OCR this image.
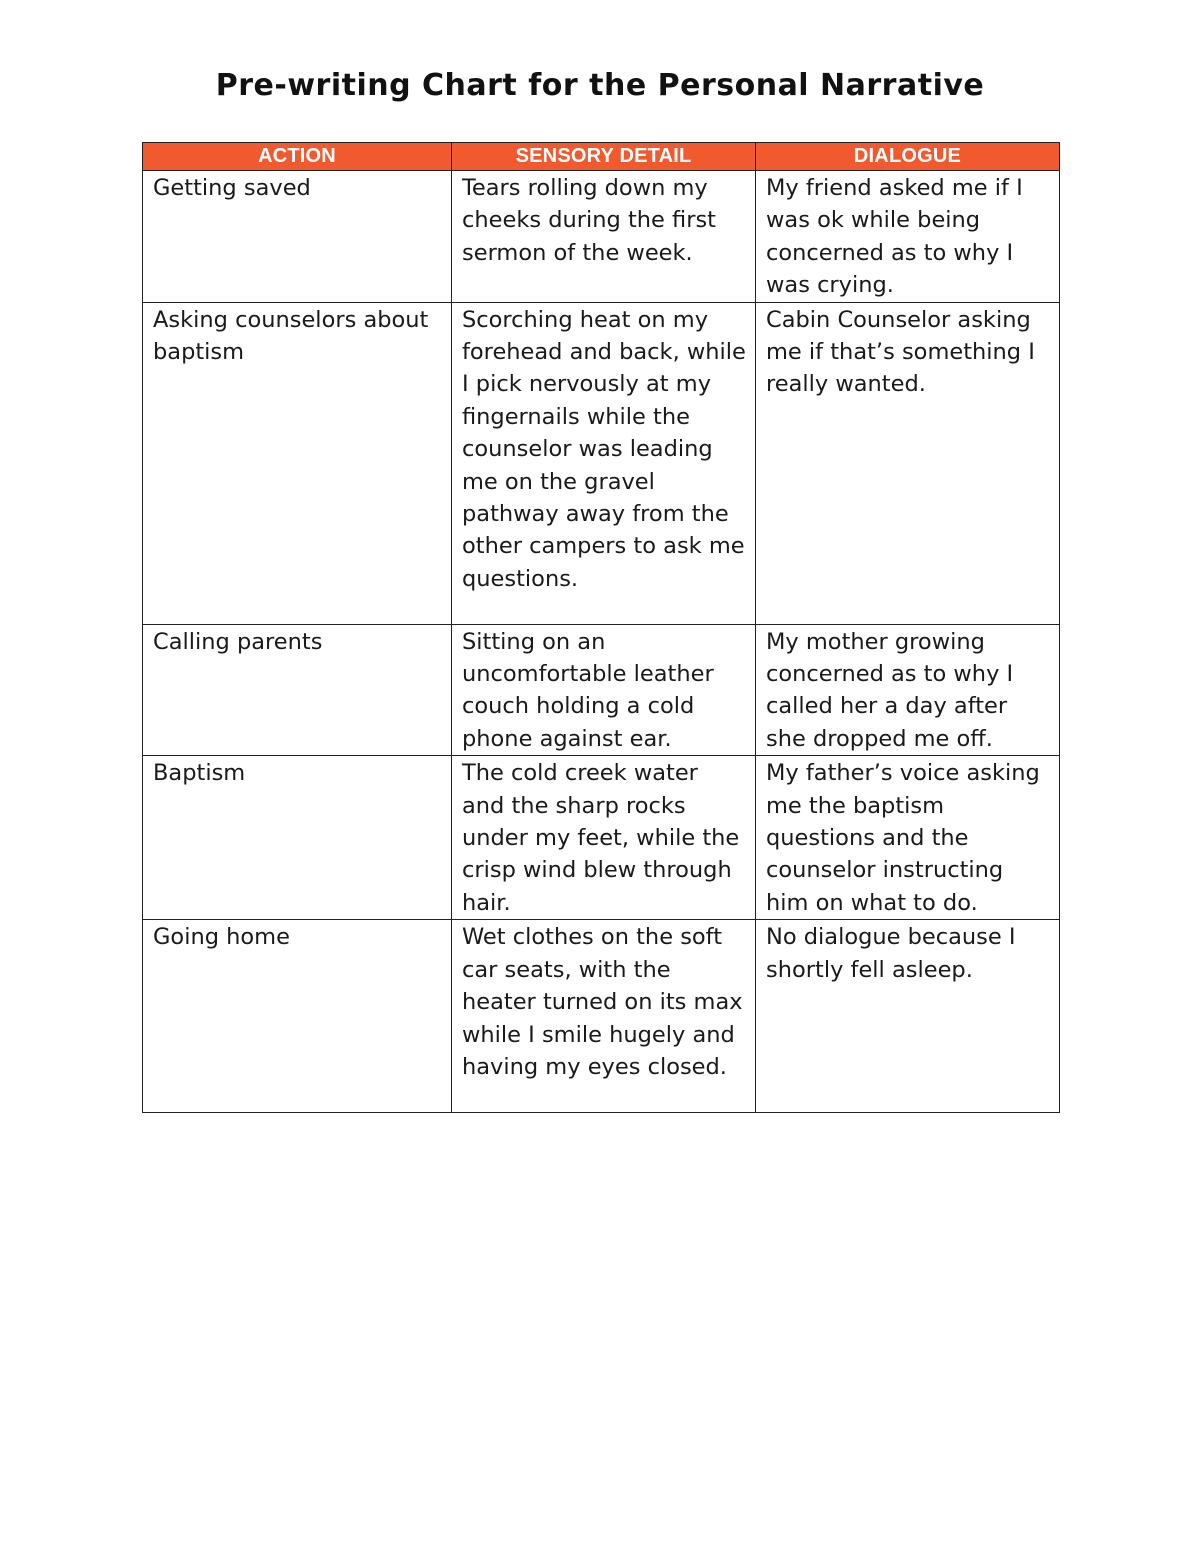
Pre-writing Chart for the Personal Narrative
ACTION	SENSORY DETAIL	DIALOGUE

Getting saved	Tears rolling down my cheeks during the first sermon of the week.	My friend asked me if I was ok while being concerned as to why I was crying.

Asking counselors about baptism	Scorching heat on my forehead and back, while I pick nervously at my fingernails while the counselor was leading me on the gravel pathway away from the other campers to ask me questions.	Cabin Counselor asking me if that’s something I really wanted.

Calling parents	Sitting on an uncomfortable leather couch holding a cold phone against ear.	My mother growing concerned as to why I called her a day after she dropped me off.

Baptism	The cold creek water and the sharp rocks under my feet, while the crisp wind blew through hair.	My father’s voice asking me the baptism questions and the counselor instructing him on what to do.

Going home	Wet clothes on the soft car seats, with the heater turned on its max while I smile hugely and having my eyes closed.	No dialogue because I shortly fell asleep.
